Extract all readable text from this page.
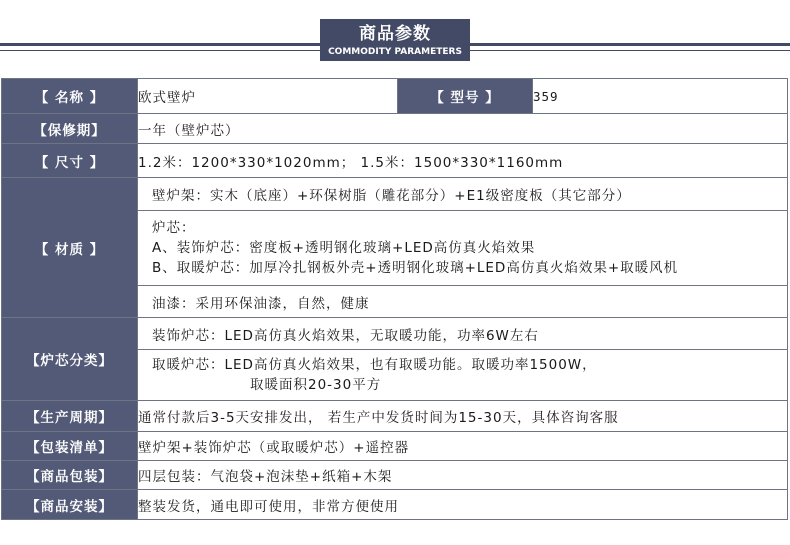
商品参数
COMMODITY PARAMETERS
【 名称 】	欧式壁炉	【 型号 】	359
【保修期】	一年（壁炉芯）		
【 尺寸 】	1.2米：1200*330*1020mm； 1.5米：1500*330*1160mm		
【 材质 】	壁炉架：实木（底座）+环保树脂（雕花部分）+E1级密度板（其它部分）		

	炉芯：
A、装饰炉芯：密度板+透明钢化玻璃+LED高仿真火焰效果
B、取暖炉芯：加厚冷扎钢板外壳+透明钢化玻璃+LED高仿真火焰效果+取暖风机		

	油漆：采用环保油漆，自然，健康		
【炉芯分类】	装饰炉芯：LED高仿真火焰效果，无取暖功能，功率6W左右		

	取暖炉芯：LED高仿真火焰效果，也有取暖功能。取暖功率1500W，
取暖面积20-30平方		

【生产周期】	通常付款后3-5天安排发出， 若生产中发货时间为15-30天，具体咨询客服		
【包装清单】	壁炉架+装饰炉芯（或取暖炉芯）+遥控器		
【商品包装】	四层包装：气泡袋+泡沫垫+纸箱+木架		
【商品安装】	整装发货，通电即可使用，非常方便使用		
